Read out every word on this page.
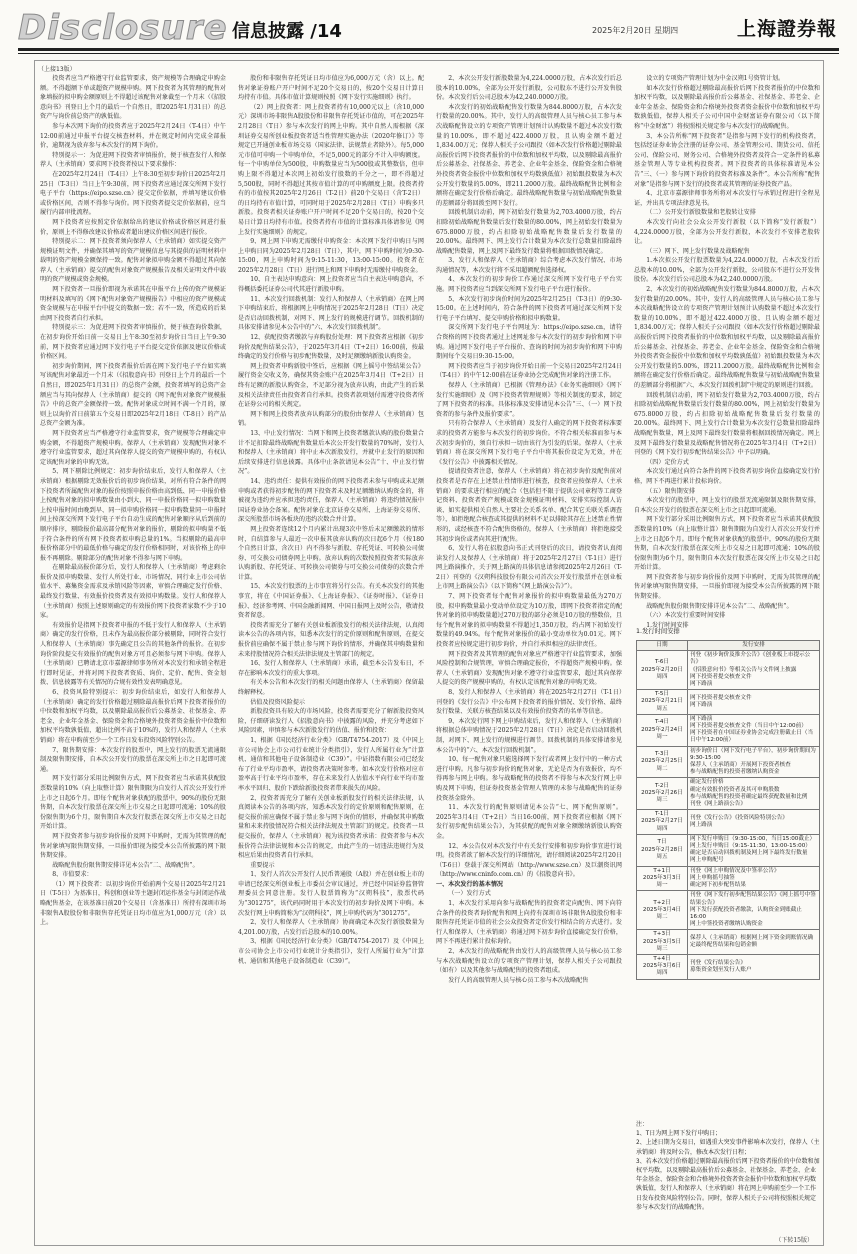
Disclosure 信息披露 /14	2025年2月20日 星期四	上海證券報
（上接13版）

投资者应当严格遵守行业监管要求，资产规模等合理确定申购金额。不得超额下单或超资产规模申购。网下投资者为其管理的配售对象填报的拟申购金额原则上不得超过该配售对象截至一个月末（《招股意向书》刊登日上个月的最后一个自然日，即2025年1月31日）的总资产与询价前总资产的孰低值。

参与本次网下询价的投资者应于2025年2月24日（T-4日）中午12:00前通过申报平台提交核查材料，并在规定时间内完成全部报价，逾期视为放弃参与本次发行的网下询价。

特别提示一：为促进网下投资者审慎报价，便于核查发行人和保荐人（主承销商）要求网下投资者按以下要求操作：

在2025年2月24日（T-4日）上午8:30至初步询价日2025年2月25日（T-3日）当日上午9:30前，网下投资者应通过深交所网下发行电子平台（https://eipo.szse.cn）提交定价依据，并填写建议价格或价格区间，否则不得参与询价。网下投资者提交定价依据前，应当履行内部审批流程。

网下投资者应按照定价依据给出的建议价格或价格区间进行报价，原则上不得修改建议价格或者超出建议价格区间进行报价。

特别提示二：网下投资者须向保荐人（主承销商）如实提交资产规模证明文件，并确保其填写的资产规模信息与其提供的证明材料中载明的资产规模金额保持一致。配售对象拟申购金额不得超过其向保荐人（主承销商）提交的配售对象资产规模报告及相关证明文件中载明的资产规模或资金规模。

网下投资者一旦报价即视为承诺其在申报平台上传的资产规模证明材料及填写的《网下配售对象资产规模报告》中相应的资产规模或资金规模与在申报平台中提交的数据一致；若不一致，所造成的后果由网下投资者自行承担。

特别提示三：为促进网下投资者审慎报价，便于核查询价数据，在初步询价开始日前一交易日上午8:30至初步询价日当日上午9:30前，网下投资者应通过网下发行电子平台提交定价依据及建议价格或价格区间。

初步询价期间，网下投资者报价后需在网下发行电子平台如实填写该配售对象最近一个月末（《招股意向书》刊登日上个月的最后一个自然日，即2025年1月31日）的总资产金额，投资者填写的总资产金额应当与其向保荐人（主承销商）提交的《网下配售对象资产规模报告》中的总资产金额保持一致。配售对象成立时间不满一个月的，原则上以询价首日前第五个交易日即2025年2月18日（T-8日）的产品总资产金额为准。

网下投资者应当严格遵守行业监管要求，资产规模等合理确定申购金额，不得超资产规模申购。保荐人（主承销商）发现配售对象不遵守行业监管要求，超过其向保荐人提交的资产规模申购的，有权认定该配售对象的申购无效。

5、网下剔除比例规定：初步询价结束后，发行人和保荐人（主承销商）根据剔除无效报价后的初步询价结果，对所有符合条件的网下投资者所属配售对象的报价按照申报价格由高到低、同一申报价格上按配售对象的拟申购数量由小到大、同一申报价格同一拟申购数量上按申报时间由晚到早、同一拟申购价格同一拟申购数量同一申报时间上按深交所网下发行电子平台自动生成的配售对象顺序从后到前的顺序排序，剔除报价最高部分配售对象的报价，剔除的拟申购量不低于符合条件的所有网下投资者拟申购总量的1%。当拟剔除的最高申报价格部分中的最低价格与确定的发行价格相同时，对该价格上的申报不再剔除。剔除部分的配售对象不得参与网下申购。

在剔除最高报价部分后，发行人和保荐人（主承销商）考虑剩余报价及拟申购数量、发行人所处行业、市场情况、同行业上市公司估值水平、募集资金需求及承销风险等因素，审慎合理确定发行价格、最终发行数量、有效报价投资者及有效拟申购数量。发行人和保荐人（主承销商）按照上述原则确定的有效报价网下投资者家数不少于10家。

有效报价是指网下投资者申报的不低于发行人和保荐人（主承销商）确定的发行价格，且未作为最高报价部分被剔除，同时符合发行人和保荐人（主承销商）事先确定且公告的其他条件的报价。在初步询价阶段提交有效报价的配售对象方可且必须参与网下申购。保荐人（主承销商）已聘请北京市嘉源律师事务所对本次发行和承销全程进行即时见证，并将对网下投资者资质、询价、定价、配售、资金划拨、信息披露等有关情况的合规有效性发表明确意见。

6、投资风险特别提示：初步询价结束后，如发行人和保荐人（主承销商）确定的发行价格超过剔除最高报价后网下投资者报价的中位数和加权平均数，以及剔除最高报价后公募基金、社保基金、养老金、企业年金基金、保险资金和合格境外投资者资金报价中位数和加权平均数孰低值，超出比例不高于10%的，发行人和保荐人（主承销商）将在申购前至少一个工作日发布投资风险特别公告。

7、限售期安排：本次发行的股票中，网上发行的股票无流通限制及限售期安排，自本次公开发行的股票在深交所上市之日起即可流通。

网下发行部分采用比例限售方式，网下投资者应当承诺其获配股票数量的10%（向上取整计算）限售期限为自发行人首次公开发行并上市之日起6个月。即每个配售对象获配的股票中，90%的股份无限售期，自本次发行股票在深交所上市交易之日起即可流通；10%的股份限售期为6个月，限售期自本次发行股票在深交所上市交易之日起开始计算。

网下投资者参与初步询价报价及网下申购时，无需为其管理的配售对象填写限售期安排，一旦报价即视为接受本公告所披露的网下限售期安排。

战略配售股份限售期安排详见本公告“二、战略配售”。

8、市值要求：

（1）网下投资者：以初步询价开始前两个交易日2025年2月21日（T-5日）为基准日，科创和创业等主题封闭运作基金与封闭运作战略配售基金，在该基准日前20个交易日（含基准日）所持有深圳市场非限售A股股份和非限售存托凭证日均市值应为1,000万元（含）以上。

股份和非限售存托凭证日均市值应为6,000万元（含）以上。配售对象证券账户开户时间不足20个交易日的，按20个交易日计算日均持有市值。具体市值计算规则按照《网下发行实施细则》执行。

（2）网上投资者：网上投资者持有10,000元以上（含10,000元）深圳市场非限售A股股份和非限售存托凭证市值的，可在2025年2月28日（T日）参与本次发行的网上申购。其中自然人需根据《深圳证券交易所创业板投资者适当性管理实施办法（2020年修订）》等规定已开通创业板市场交易（国家法律、法规禁止者除外）。每5,000元市值可申购一个申购单位，不足5,000元的部分不计入申购额度。每一个申购单位为500股，申购数量应当为500股或其整数倍，但申购上限不得超过本次网上初始发行股数的千分之一，即不得超过5,500股，同时不得超过其按市值计算的可申购额度上限。投资者持有的市值按其2025年2月26日（T-2日）前20个交易日（含T-2日）的日均持有市值计算，可同时用于2025年2月28日（T日）申购多只新股。投资者相关证券账户开户时间不足20个交易日的，按20个交易日计算日均持有市值。投资者持有市值的计算标准具体请参见《网上发行实施细则》的规定。

9、网上网下申购无需缴付申购资金：本次网下发行申购日与网上申购日同为2025年2月28日（T日），其中，网下申购时间为9:30-15:00，网上申购时间为9:15-11:30，13:00-15:00。投资者在2025年2月28日（T日）进行网上和网下申购时无需缴付申购资金。

10、自主表达申购意向：网上投资者应当自主表达申购意向，不得概括委托证券公司代其进行新股申购。

11、本次发行回拨机制：发行人和保荐人（主承销商）在网上网下申购结束后，将根据网上申购情况于2025年2月28日（T日）决定是否启动回拨机制，对网下、网上发行的规模进行调节。回拨机制的具体安排请参见本公告中的“六、本次发行回拨机制”。

12、获配投资者缴款与弃购股份处理：网下投资者应根据《初步询价及配售结果公告》，于2025年3月4日（T+2日）16:00前，按最终确定的发行价格与初步配售数量，及时足额缴纳新股认购资金。

网上投资者申购新股中签后，应根据《网上摇号中签结果公告》履行资金交收义务，确保其资金账户在2025年3月4日（T+2日）日终有足额的新股认购资金，不足部分视为放弃认购，由此产生的后果及相关法律责任由投资者自行承担。投资者款项划付需遵守投资者所在证券公司的相关规定。

网下和网上投资者放弃认购部分的股份由保荐人（主承销商）包销。

13、中止发行情况：当网下和网上投资者缴款认购的股份数量合计不足扣除最终战略配售数量后本次公开发行数量的70%时，发行人和保荐人（主承销商）将中止本次新股发行，并就中止发行的原因和后续安排进行信息披露。具体中止条款请见本公告“十、中止发行情况”。

14、违约责任：提供有效报价的网下投资者未参与申购或未足额申购或者获得初步配售的网下投资者未及时足额缴纳认购资金的，将被视为违约并应承担违约责任，保荐人（主承销商）将违约情况报中国证券业协会备案。配售对象在北京证券交易所、上海证券交易所、深交所股票市场各板块的违约次数合并计算。

网上投资者连续12个月内累计出现3次中签后未足额缴款的情形时，自结算参与人最近一次申报其放弃认购的次日起6个月（按180个自然日计算，含次日）内不得参与新股、存托凭证、可转换公司债券、可交换公司债券网上申购。放弃认购的次数按照投资者实际放弃认购新股、存托凭证、可转换公司债券与可交换公司债券的次数合并计算。

15、本次发行股票的上市事宜将另行公告。有关本次发行的其他事宜，将在《中国证券报》、《上海证券报》、《证券时报》、《证券日报》、经济参考网、中国金融新闻网、中国日报网上及时公告，敬请投资者留意。

投资者需充分了解有关创业板新股发行的相关法律法规，认真阅读本公告的各项内容，知悉本次发行的定价原则和配售原则，在提交报价前应确保不属于禁止参与网下询价的情形，并确保其申购数量和未来持股情况符合相关法律法规及主管部门的规定。

16、发行人和保荐人（主承销商）承诺，截至本公告发布日，不存在影响本次发行的重大事项。

有关本公告和本次发行的相关问题由保荐人（主承销商）保留最终解释权。

估值及投资风险提示

新股投资具有较大的市场风险，投资者需要充分了解新股投资风险，仔细研读发行人《招股意向书》中披露的风险，并充分考虑如下风险因素，审慎参与本次新股发行的估值、报价和投资：

1、根据《国民经济行业分类》（GB/T4754-2017）及《中国上市公司协会上市公司行业统计分类指引》，发行人所属行业为“计算机、通信和其他电子设备制造业（C39）”。中证指数有限公司已经发布了行业平均市盈率，请投资者决策时参考。如本次发行价格对应市盈率高于行业平均市盈率，存在未来发行人估值水平向行业平均市盈率水平回归、股价下跌给新股投资者带来损失的风险。

2、投资者需充分了解有关创业板新股发行的相关法律法规，认真阅读本公告的各项内容，知悉本次发行的定价原则和配售原则，在提交报价前应确保不属于禁止参与网下询价的情形，并确保其申购数量和未来持股情况符合相关法律法规及主管部门的规定。投资者一旦提交报价，保荐人（主承销商）视为该投资者承诺：投资者参与本次报价符合法律法规和本公告的规定，由此产生的一切违法违规行为及相应后果由投资者自行承担。

重要提示

1、发行人首次公开发行人民币普通股（A股）并在创业板上市的申请已经深交所创业板上市委员会审议通过，并已经中国证券监督管理委员会同意注册。发行人股票简称为“汉朔科技”，股票代码为“301275”，该代码同时用于本次发行的初步询价及网下申购。本次发行网上申购简称为“汉朔科技”，网上申购代码为“301275”。

2、发行人和保荐人（主承销商）协商确定本次发行新股数量为4,201.00万股，占发行后总股本的10.00%。

3、根据《国民经济行业分类》（GB/T4754-2017）及《中国上市公司协会上市公司行业统计分类指引》，发行人所属行业为“计算机、通信和其他电子设备制造业（C39）”。

2、本次公开发行新股数量为4,224.0000万股，占本次发行后总股本的10.00%，全部为公开发行新股，公司股东不进行公开发售股份。本次发行后公司总股本为42,240.0000万股。

本次发行的初始战略配售发行数量为844.8000万股，占本次发行数量的20.00%。其中，发行人的高级管理人员与核心员工参与本次战略配售设立的专项资产管理计划预计认购数量不超过本次发行数量的10.00%，即不超过422.4000万股，且认购金额不超过1,834.00万元；保荐人相关子公司跟投（如本次发行价格超过剔除最高报价后网下投资者报价的中位数和加权平均数，以及剔除最高报价后公募基金、社保基金、养老金、企业年金基金、保险资金和合格境外投资者资金报价中位数和加权平均数孰低值）初始跟投数量为本次公开发行数量的5.00%，即211.2000万股。最终战略配售比例和金额将在确定发行价格后确定。最终战略配售数量与初始战略配售数量的差额部分将回拨至网下发行。

回拨机制启动前，网下初始发行数量为2,703.4000万股，约占扣除初始战略配售数量后发行数量的80.00%，网上初始发行数量为675.8000万股，约占扣除初始战略配售数量后发行数量的20.00%。最终网下、网上发行合计数量为本次发行总数量扣除最终战略配售数量，网上及网下最终发行数量将根据回拨情况确定。

3、发行人和保荐人（主承销商）综合考虑本次发行情况、市场沟通情况等，本次发行将不采用超额配售选择权。

4、本次发行的初步询价工作通过深交所网下发行电子平台实施。网下投资者应当到深交所网下发行电子平台进行报价。

5、本次发行初步询价时间为2025年2月25日（T-3日）的9:30-15:00。在上述时间内，符合条件的网下投资者可通过深交所网下发行电子平台填写、提交申购价格和拟申购数量。

深交所网下发行电子平台网址为：https://eipo.szse.cn，请符合资格的网下投资者通过上述网址参与本次发行的初步询价和网下申购。通过网下发行电子平台报价、查询的时间为初步询价和网下申购期间每个交易日9:30-15:00。

网下投资者应当于初步询价开始日前一个交易日2025年2月24日（T-4日）的中午12:00前在证券业协会完成配售对象的注册工作。

保荐人（主承销商）已根据《管理办法》《业务实施细则》《网下发行实施细则》及《网下投资者管理规则》等相关制度的要求，制定了网下投资者的标准。具体标准及安排请见本公告“三、（一）网下投资者的参与条件及报价要求”。

只有符合保荐人（主承销商）及发行人确定的网下投资者标准要求的投资者方能参与本次发行的初步询价。不符合相关标准而参与本次初步询价的，须自行承担一切由该行为引发的后果。保荐人（主承销商）将在深交所网下发行电子平台中将其报价设定为无效，并在《发行公告》中披露相关情况。

提请投资者注意，保荐人（主承销商）将在初步询价及配售前对投资者是否存在上述禁止性情形进行核查，投资者应按保荐人（主承销商）的要求进行相应的配合（包括但不限于提供公司章程等工商登记资料、投资者资产规模或资金规模证明材料、安排实际控制人访谈、如实提供相关自然人主要社会关系名单、配合其它关联关系调查等），如拒绝配合核查或其提供的材料不足以排除其存在上述禁止性情形的，或经核查不符合配售资格的，保荐人（主承销商）将拒绝接受其初步询价或者向其进行配售。

6、发行人将在招股意向书正式刊登后的次日，请投资者认真阅读发行人及保荐人（主承销商）将于2025年2月27日（T-1日）进行网上路演推介，关于网上路演的具体信息请参阅2025年2月26日（T-2日）刊登的《汉朔科技股份有限公司首次公开发行股票并在创业板上市网上路演公告》（以下简称“《网上路演公告》”）。

7、网下投资者每个配售对象报价的拟申购数量最低为270万股，拟申购数量最小变动单位设定为10万股，即网下投资者指定的配售对象的拟申购数量超过270万股的部分必须是10万股的整数倍，且每个配售对象的拟申购数量不得超过1,350万股，约占网下初始发行数量的49.94%。每个配售对象报价的最小变动单位为0.01元。网下投资者应按规定进行初步询价，并自行承担相应的法律责任。

网下投资者及其管理的配售对象应严格遵守行业监管要求，加强风险控制和合规管理，审慎合理确定报价，不得超资产规模申购。保荐人（主承销商）发现配售对象不遵守行业监管要求，超过其向保荐人提交的资产规模申购的，有权认定该配售对象的申购无效。

8、发行人和保荐人（主承销商）将在2025年2月27日（T-1日）刊登的《发行公告》中公布网下投资者的报价情况、发行价格、最终发行数量、关联方核查结果以及有效报价投资者的名单等信息。

9、本次发行网下网上申购结束后，发行人和保荐人（主承销商）将根据总体申购情况于2025年2月28日（T日）决定是否启动回拨机制，对网下、网上发行的规模进行调节。回拨机制的具体安排请参见本公告中的“六、本次发行回拨机制”。

10、每一配售对象只能选择网下发行或者网上发行中的一种方式进行申购。凡参与初步询价的配售对象，无论是否为有效报价，均不得再参与网上申购。参与战略配售的投资者不得参与本次发行网上申购及网下申购，但证券投资基金管理人管理的未参与战略配售的证券投资基金除外。

11、本次发行的配售原则请见本公告“七、网下配售原则”。2025年3月4日（T+2日）当日16:00前，网下投资者应根据《网下发行初步配售结果公告》，为其获配的配售对象全额缴纳新股认购资金。

12、本公告仅对本次发行中有关发行安排和初步询价事宜进行说明。投资者欲了解本次发行的详细情况，请仔细阅读2025年2月20日（T-6日）登载于深交所网站（http://www.szse.cn）及巨潮资讯网（http://www.cninfo.com.cn）的《招股意向书》。

一、本次发行的基本情况

（一）发行方式

1、本次发行采用向参与战略配售的投资者定向配售、网下向符合条件的投资者询价配售和网上向持有深圳市场非限售A股股份和非限售存托凭证市值的社会公众投资者定价发行相结合的方式进行。发行人和保荐人（主承销商）将通过网下初步询价直接确定发行价格，网下不再进行累计投标询价。

2、本次发行的战略配售由发行人的高级管理人员与核心员工参与本次战略配售设立的专项资产管理计划，保荐人相关子公司跟投（如有）以及其他参与战略配售的投资者组成。

发行人的高级管理人员与核心员工参与本次战略配售

设立的专项资产管理计划为中金汉朔1号资管计划。

如本次发行价格超过剔除最高报价后网下投资者报价的中位数和加权平均数，以及剔除最高报价后公募基金、社保基金、养老金、企业年金基金、保险资金和合格境外投资者资金报价中位数和加权平均数孰低值，保荐人相关子公司中国中金财富证券有限公司（以下简称“中金财富”）将按照相关规定参与本次发行的战略配售。

3、本公告所称“网下投资者”是指参与网下发行的机构投资者，包括经证券业协会注册的证券公司、基金管理公司、期货公司、信托公司、保险公司、财务公司、合格境外投资者及符合一定条件的私募基金管理人等专业机构投资者。网下投资者的具体标准请见本公告“三、（一）参与网下询价的投资者标准及条件”。本公告所称“配售对象”是指参与网下发行的投资者或其管理的证券投资产品。

4、北京市嘉源律师事务所将对本次发行与承销过程进行全程见证，并出具专项法律意见书。

（二）公开发行新股数量和老股转让安排

本次发行向社会公众公开发行新股（以下简称“发行新股”）4,224.0000万股，全部为公开发行新股，本次发行不安排老股转让。

（三）网下、网上发行数量及战略配售

1.本次拟公开发行股票数量为4,224.0000万股，占本次发行后总股本的10.00%，全部为公开发行新股，公司股东不进行公开发售股份。本次发行后公司总股本为42,240.0000万股。

2、本次发行的初始战略配售发行数量为844.8000万股，占本次发行数量的20.00%。其中，发行人的高级管理人员与核心员工参与本次战略配售设立的专项资产管理计划预计认购数量不超过本次发行数量的10.00%，即不超过422.4000万股，且认购金额不超过1,834.00万元；保荐人相关子公司跟投（如本次发行价格超过剔除最高报价后网下投资者报价的中位数和加权平均数，以及剔除最高报价后公募基金、社保基金、养老金、企业年金基金、保险资金和合格境外投资者资金报价中位数和加权平均数孰低值）初始跟投数量为本次公开发行数量的5.00%，即211.2000万股。最终战略配售比例和金额将在确定发行价格后确定。最终战略配售数量与初始战略配售数量的差额部分将根据“六、本次发行回拨机制”中规定的原则进行回拨。

回拨机制启动前，网下初始发行数量为2,703.4000万股，约占扣除初始战略配售数量后发行数量的80.00%，网上初始发行数量为675.8000万股，约占扣除初始战略配售数量后发行数量的20.00%。最终网下、网上发行合计数量为本次发行总数量扣除最终战略配售数量，网上及网下最终发行数量将根据回拨情况确定。网上及网下最终发行数量及战略配售情况将在2025年3月4日（T+2日）刊登的《网下发行初步配售结果公告》中予以明确。

（四）定价方式

本次发行通过向符合条件的网下投资者初步询价直接确定发行价格，网下不再进行累计投标询价。

（五）限售期安排

本次发行的股票中，网上发行的股票无流通限制及限售期安排，自本次公开发行的股票在深交所上市之日起即可流通。

网下发行部分采用比例限售方式，网下投资者应当承诺其获配股票数量的10%（向上取整计算）限售期限为自发行人首次公开发行并上市之日起6个月。即每个配售对象获配的股票中，90%的股份无限售期，自本次发行股票在深交所上市交易之日起即可流通；10%的股份限售期为6个月，限售期自本次发行股票在深交所上市交易之日起开始计算。

网下投资者参与初步询价报价及网下申购时，无需为其管理的配售对象填写限售期安排，一旦报价即视为接受本公告所披露的网下限售期安排。

战略配售股份限售期安排详见本公告“二、战略配售”。

（六）本次发行重要时间安排

1.发行时间安排

1.发行时间安排
日期	发行安排
T-6日
2025年2月20日
周四	刊登《初步询价及推介公告》《创业板上市提示公告》
《招股意向书》等相关公告与文件网上披露
网下投资者提交核查文件
网下路演
T-5日
2025年2月21日
周五	网下投资者提交核查文件
网下路演
T-4日
2025年2月24日
周一	网下路演
网下投资者提交核查文件（当日中午12:00前）
网下投资者在中国证券业协会完成注册截止日（当日中午12:00前）
T-3日
2025年2月25日
周二	初步询价日（网下发行电子平台），初步询价期间为9:30-15:00
保荐人（主承销商）开展网下投资者核查
参与战略配售的投资者缴纳认购资金
T-2日
2025年2月26日
周三	确定发行价格
确定有效报价投资者及其可申购股数
参与战略配售的投资者确定最终获配数量和比例
刊登《网上路演公告》
T-1日
2025年2月27日
周四	刊登《发行公告》《投资风险特别公告》
网上路演
T日
2025年2月28日
周五	网下发行申购日（9:30-15:00，当日15:00截止）
网上发行申购日（9:15-11:30，13:00-15:00）
确定是否启动回拨机制及网上网下最终发行数量
网上申购配号
T+1日
2025年3月3日
周一	刊登《网上申购情况及中签率公告》
网上申购摇号抽签
确定网下初步配售结果
T+2日
2025年3月4日
周二	刊登《网下发行初步配售结果公告》《网上摇号中签结果公告》
网下发行获配投资者缴款，认购资金到账截止16:00
网上中签投资者缴纳认购资金
T+3日
2025年3月5日
周三	保荐人（主承销商）根据网上网下资金到账情况确定最终配售结果和包销金额
T+4日
2025年3月6日
周四	刊登《发行结果公告》
募集资金划至发行人账户

注：

1、T日为网上网下发行申购日；

2、上述日期为交易日，如遇重大突发事件影响本次发行，保荐人（主承销商）将及时公告，修改本次发行日程；

3、若本次发行价格超过剔除最高报价后网下投资者报价的中位数和加权平均数，以及剔除最高报价后公募基金、社保基金、养老金、企业年金基金、保险资金和合格境外投资者资金报价中位数和加权平均数孰低值，发行人和保荐人（主承销商）将在网上申购前至少一个工作日发布投资风险特别公告。同时，保荐人相关子公司将按照相关规定参与本次发行的战略配售。

（下转15版）
